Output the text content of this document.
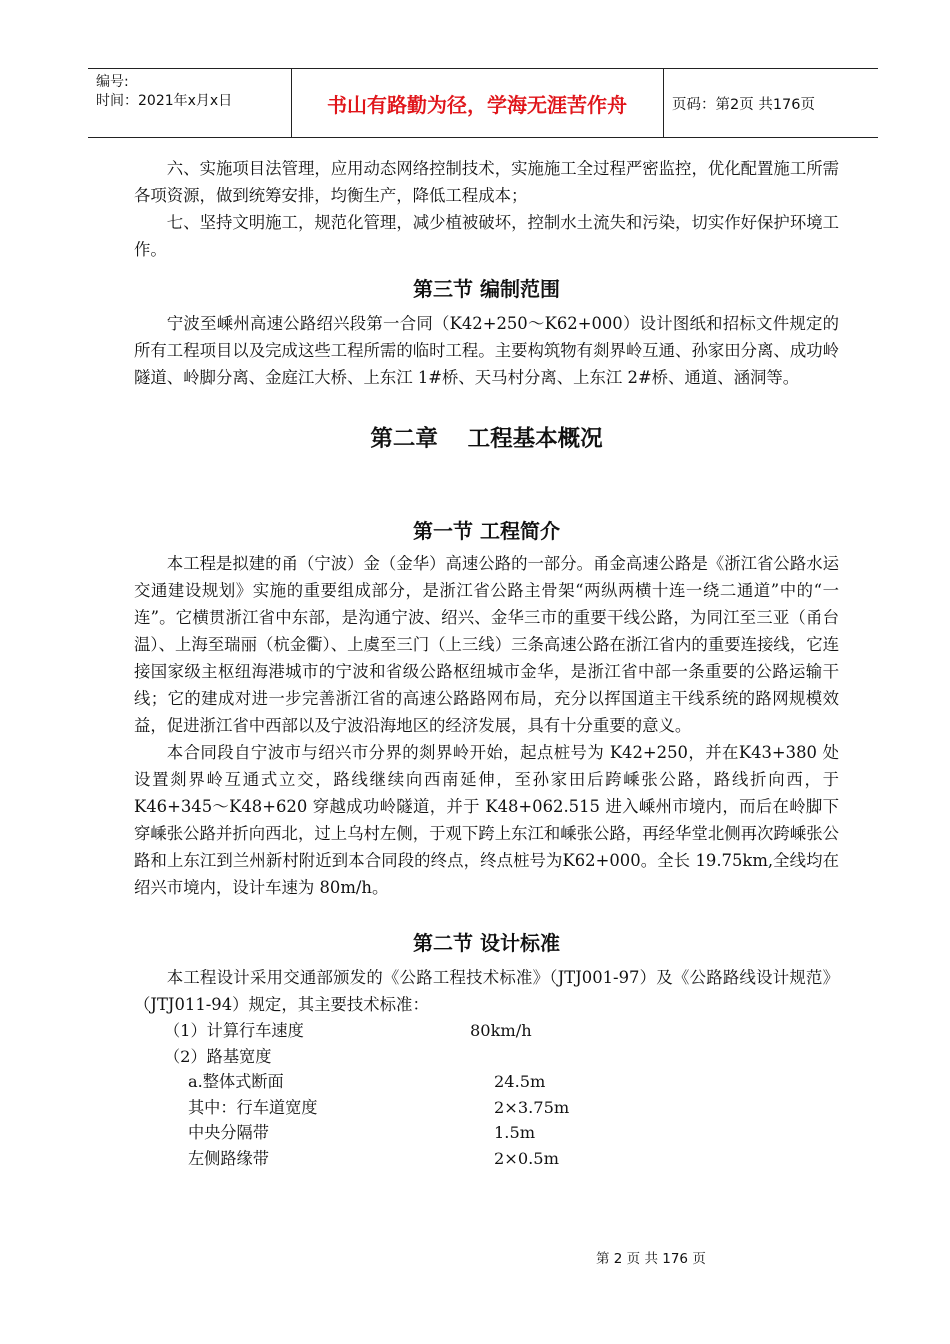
编号:
时间：2021年x月x日	书山有路勤为径，学海无涯苦作舟	页码：第2页 共176页

六、实施项目法管理，应用动态网络控制技术，实施施工全过程严密监控，优化配置施工所需各项资源，做到统筹安排，均衡生产，降低工程成本；

七、坚持文明施工，规范化管理，减少植被破坏，控制水土流失和污染，切实作好保护环境工作。

第三节 编制范围

宁波至嵊州高速公路绍兴段第一合同（K42+250～K62+000）设计图纸和招标文件规定的所有工程项目以及完成这些工程所需的临时工程。主要构筑物有剡界岭互通、孙家田分离、成功岭隧道、岭脚分离、金庭江大桥、上东江 1#桥、天马村分离、上东江 2#桥、通道、涵洞等。

第二章 工程基本概况
第一节 工程简介

本工程是拟建的甬（宁波）金（金华）高速公路的一部分。甬金高速公路是《浙江省公路水运交通建设规划》实施的重要组成部分，是浙江省公路主骨架“两纵两横十连一绕二通道”中的“一连”。它横贯浙江省中东部，是沟通宁波、绍兴、金华三市的重要干线公路，为同江至三亚（甬台温）、上海至瑞丽（杭金衢）、上虞至三门（上三线）三条高速公路在浙江省内的重要连接线，它连接国家级主枢纽海港城市的宁波和省级公路枢纽城市金华，是浙江省中部一条重要的公路运输干线；它的建成对进一步完善浙江省的高速公路路网布局，充分以挥国道主干线系统的路网规模效益，促进浙江省中西部以及宁波沿海地区的经济发展，具有十分重要的意义。

本合同段自宁波市与绍兴市分界的剡界岭开始，起点桩号为 K42+250，并在K43+380 处设置剡界岭互通式立交，路线继续向西南延伸，至孙家田后跨嵊张公路，路线折向西，于 K46+345～K48+620 穿越成功岭隧道，并于 K48+062.515 进入嵊州市境内，而后在岭脚下穿嵊张公路并折向西北，过上乌村左侧，于观下跨上东江和嵊张公路，再经华堂北侧再次跨嵊张公路和上东江到兰州新村附近到本合同段的终点，终点桩号为K62+000。全长 19.75km,全线均在绍兴市境内，设计车速为 80m/h。

第二节 设计标准

本工程设计采用交通部颁发的《公路工程技术标准》（JTJ001-97）及《公路路线设计规范》（JTJ011-94）规定，其主要技术标准：

（1）计算行车速度	80km/h
（2）路基宽度
a.整体式断面	24.5m
其中：行车道宽度	2×3.75m
中央分隔带	1.5m
左侧路缘带	2×0.5m
第 2 页 共 176 页
